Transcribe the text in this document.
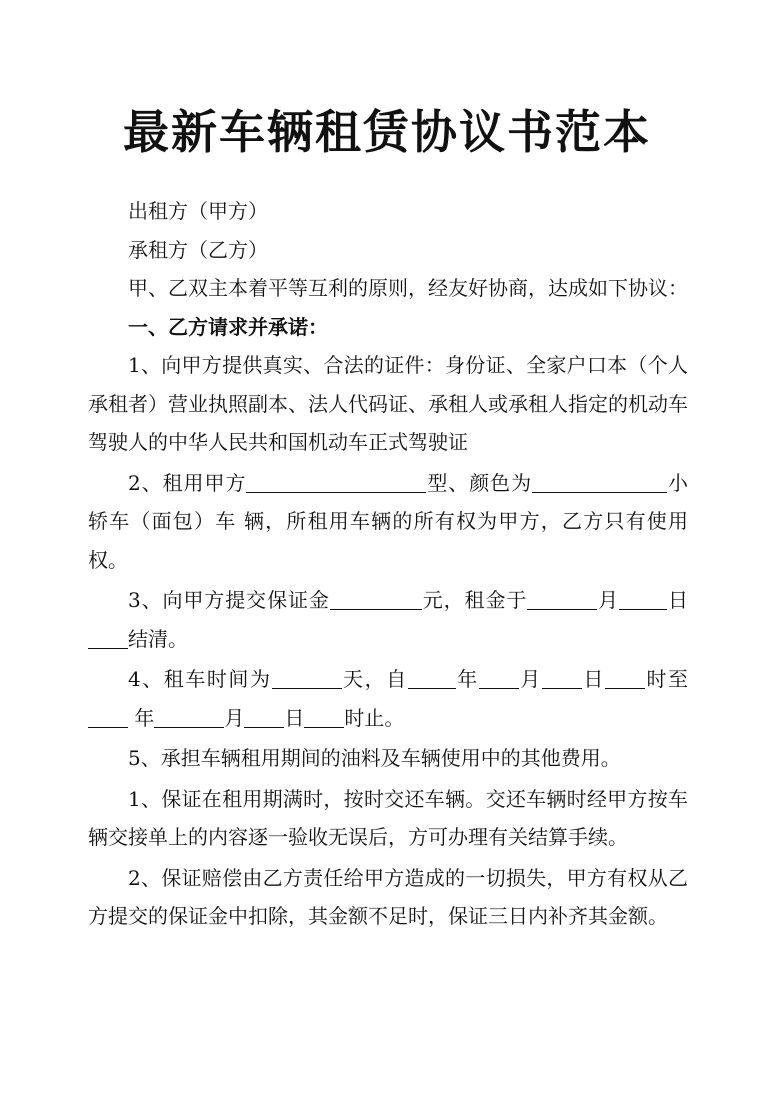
最新车辆租赁协议书范本

出租方（甲方）

承租方（乙方）

甲、乙双主本着平等互利的原则，经友好协商，达成如下协议：

一、乙方请求并承诺：

1、向甲方提供真实、合法的证件：身份证、全家户口本（个人承租者）营业执照副本、法人代码证、承租人或承租人指定的机动车驾驶人的中华人民共和国机动车正式驾驶证

2、租用甲方	型、颜色为	小轿车（面包）车 辆，所租用车辆的所有权为甲方，乙方只有使用权。

3、向甲方提交保证金	元，租金于	月 日结清。

4、租车时间为	天，自 年 月 日 时至 年	月 日 时止。

5、承担车辆租用期间的油料及车辆使用中的其他费用。

1、保证在租用期满时，按时交还车辆。交还车辆时经甲方按车辆交接单上的内容逐一验收无误后，方可办理有关结算手续。

2、保证赔偿由乙方责任给甲方造成的一切损失，甲方有权从乙方提交的保证金中扣除，其金额不足时，保证三日内补齐其金额。
